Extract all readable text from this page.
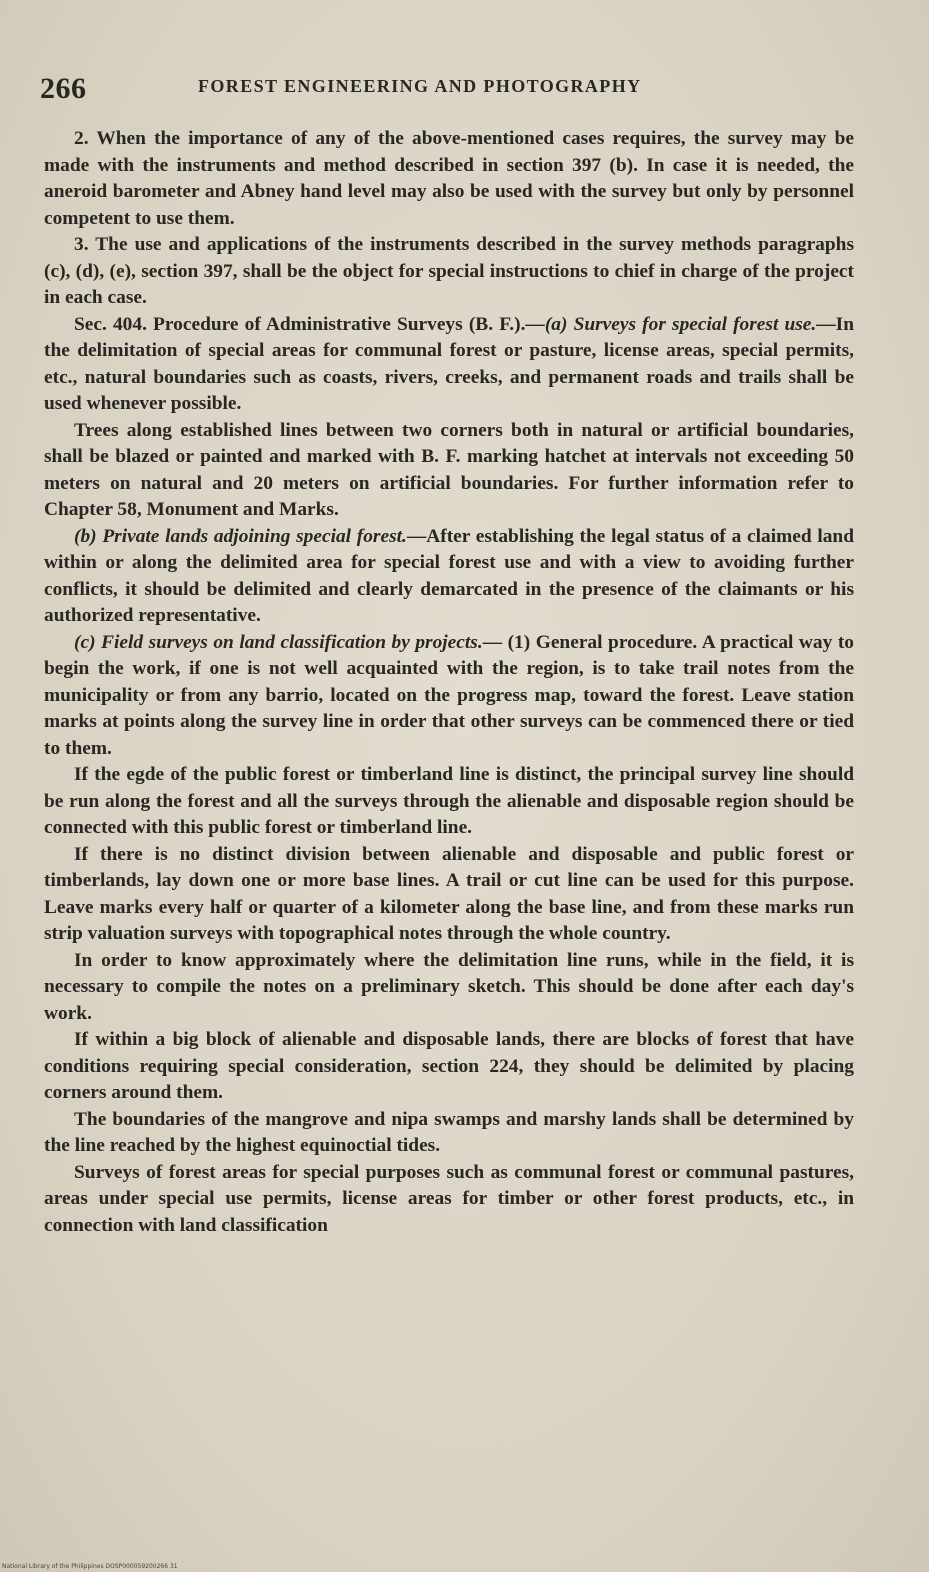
266	FOREST ENGINEERING AND PHOTOGRAPHY

2. When the importance of any of the above-mentioned cases requires, the survey may be made with the instruments and method described in section 397 (b). In case it is needed, the aneroid barometer and Abney hand level may also be used with the survey but only by personnel competent to use them.

3. The use and applications of the instruments described in the survey methods paragraphs (c), (d), (e), section 397, shall be the object for special instructions to chief in charge of the project in each case.

Sec. 404. Procedure of Administrative Surveys (B. F.).—(a) Surveys for special forest use.—In the delimitation of special areas for communal forest or pasture, license areas, special permits, etc., natural boundaries such as coasts, rivers, creeks, and permanent roads and trails shall be used whenever possible.

Trees along established lines between two corners both in natural or artificial boundaries, shall be blazed or painted and marked with B. F. marking hatchet at intervals not exceeding 50 meters on natural and 20 meters on artificial boundaries. For further information refer to Chapter 58, Monument and Marks.

(b) Private lands adjoining special forest.—After establishing the legal status of a claimed land within or along the delimited area for special forest use and with a view to avoiding further conflicts, it should be delimited and clearly demarcated in the presence of the claimants or his authorized representative.

(c) Field surveys on land classification by projects.— (1) General procedure. A practical way to begin the work, if one is not well acquainted with the region, is to take trail notes from the municipality or from any barrio, located on the progress map, toward the forest. Leave station marks at points along the survey line in order that other surveys can be commenced there or tied to them.

If the egde of the public forest or timberland line is distinct, the principal survey line should be run along the forest and all the surveys through the alienable and disposable region should be connected with this public forest or timberland line.

If there is no distinct division between alienable and disposable and public forest or timberlands, lay down one or more base lines. A trail or cut line can be used for this purpose. Leave marks every half or quarter of a kilometer along the base line, and from these marks run strip valuation surveys with topographical notes through the whole country.

In order to know approximately where the delimitation line runs, while in the field, it is necessary to compile the notes on a preliminary sketch. This should be done after each day's work.

If within a big block of alienable and disposable lands, there are blocks of forest that have conditions requiring special consideration, section 224, they should be delimited by placing corners around them.

The boundaries of the mangrove and nipa swamps and marshy lands shall be determined by the line reached by the highest equinoctial tides.

Surveys of forest areas for special purposes such as communal forest or communal pastures, areas under special use permits, license areas for timber or other forest products, etc., in connection with land classification

National Library of the Philippines DOSP000059200266 31
